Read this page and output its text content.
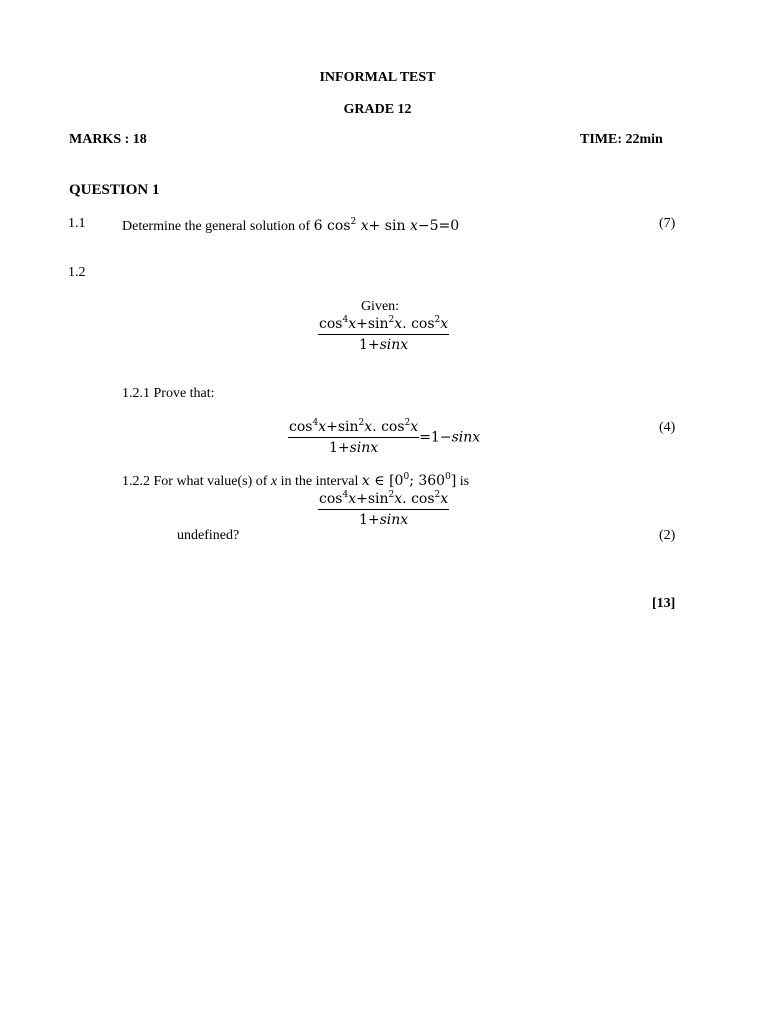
INFORMAL TEST
GRADE 12
MARKS : 18	TIME: 22min
QUESTION 1
1.1	Determine the general solution of 6 $\cos^2 x+ \sin x-5=0$	(7)
1.2
Given:
$\frac{\cos^4x+\sin^2x. \cos^2x}{1+\sin x}$
1.2.1 Prove that:
$\frac{\cos^4x+\sin^2x. \cos^2x}{1+\sin x} =1-\sin x$
(4)
1.2.2 For what value(s) of x in the interval x ∈ [$0^0$; $360^0$] is
$\frac{\cos^4x+\sin^2x. \cos^2x}{1+\sin x}$
undefined?	(2)
[13]
